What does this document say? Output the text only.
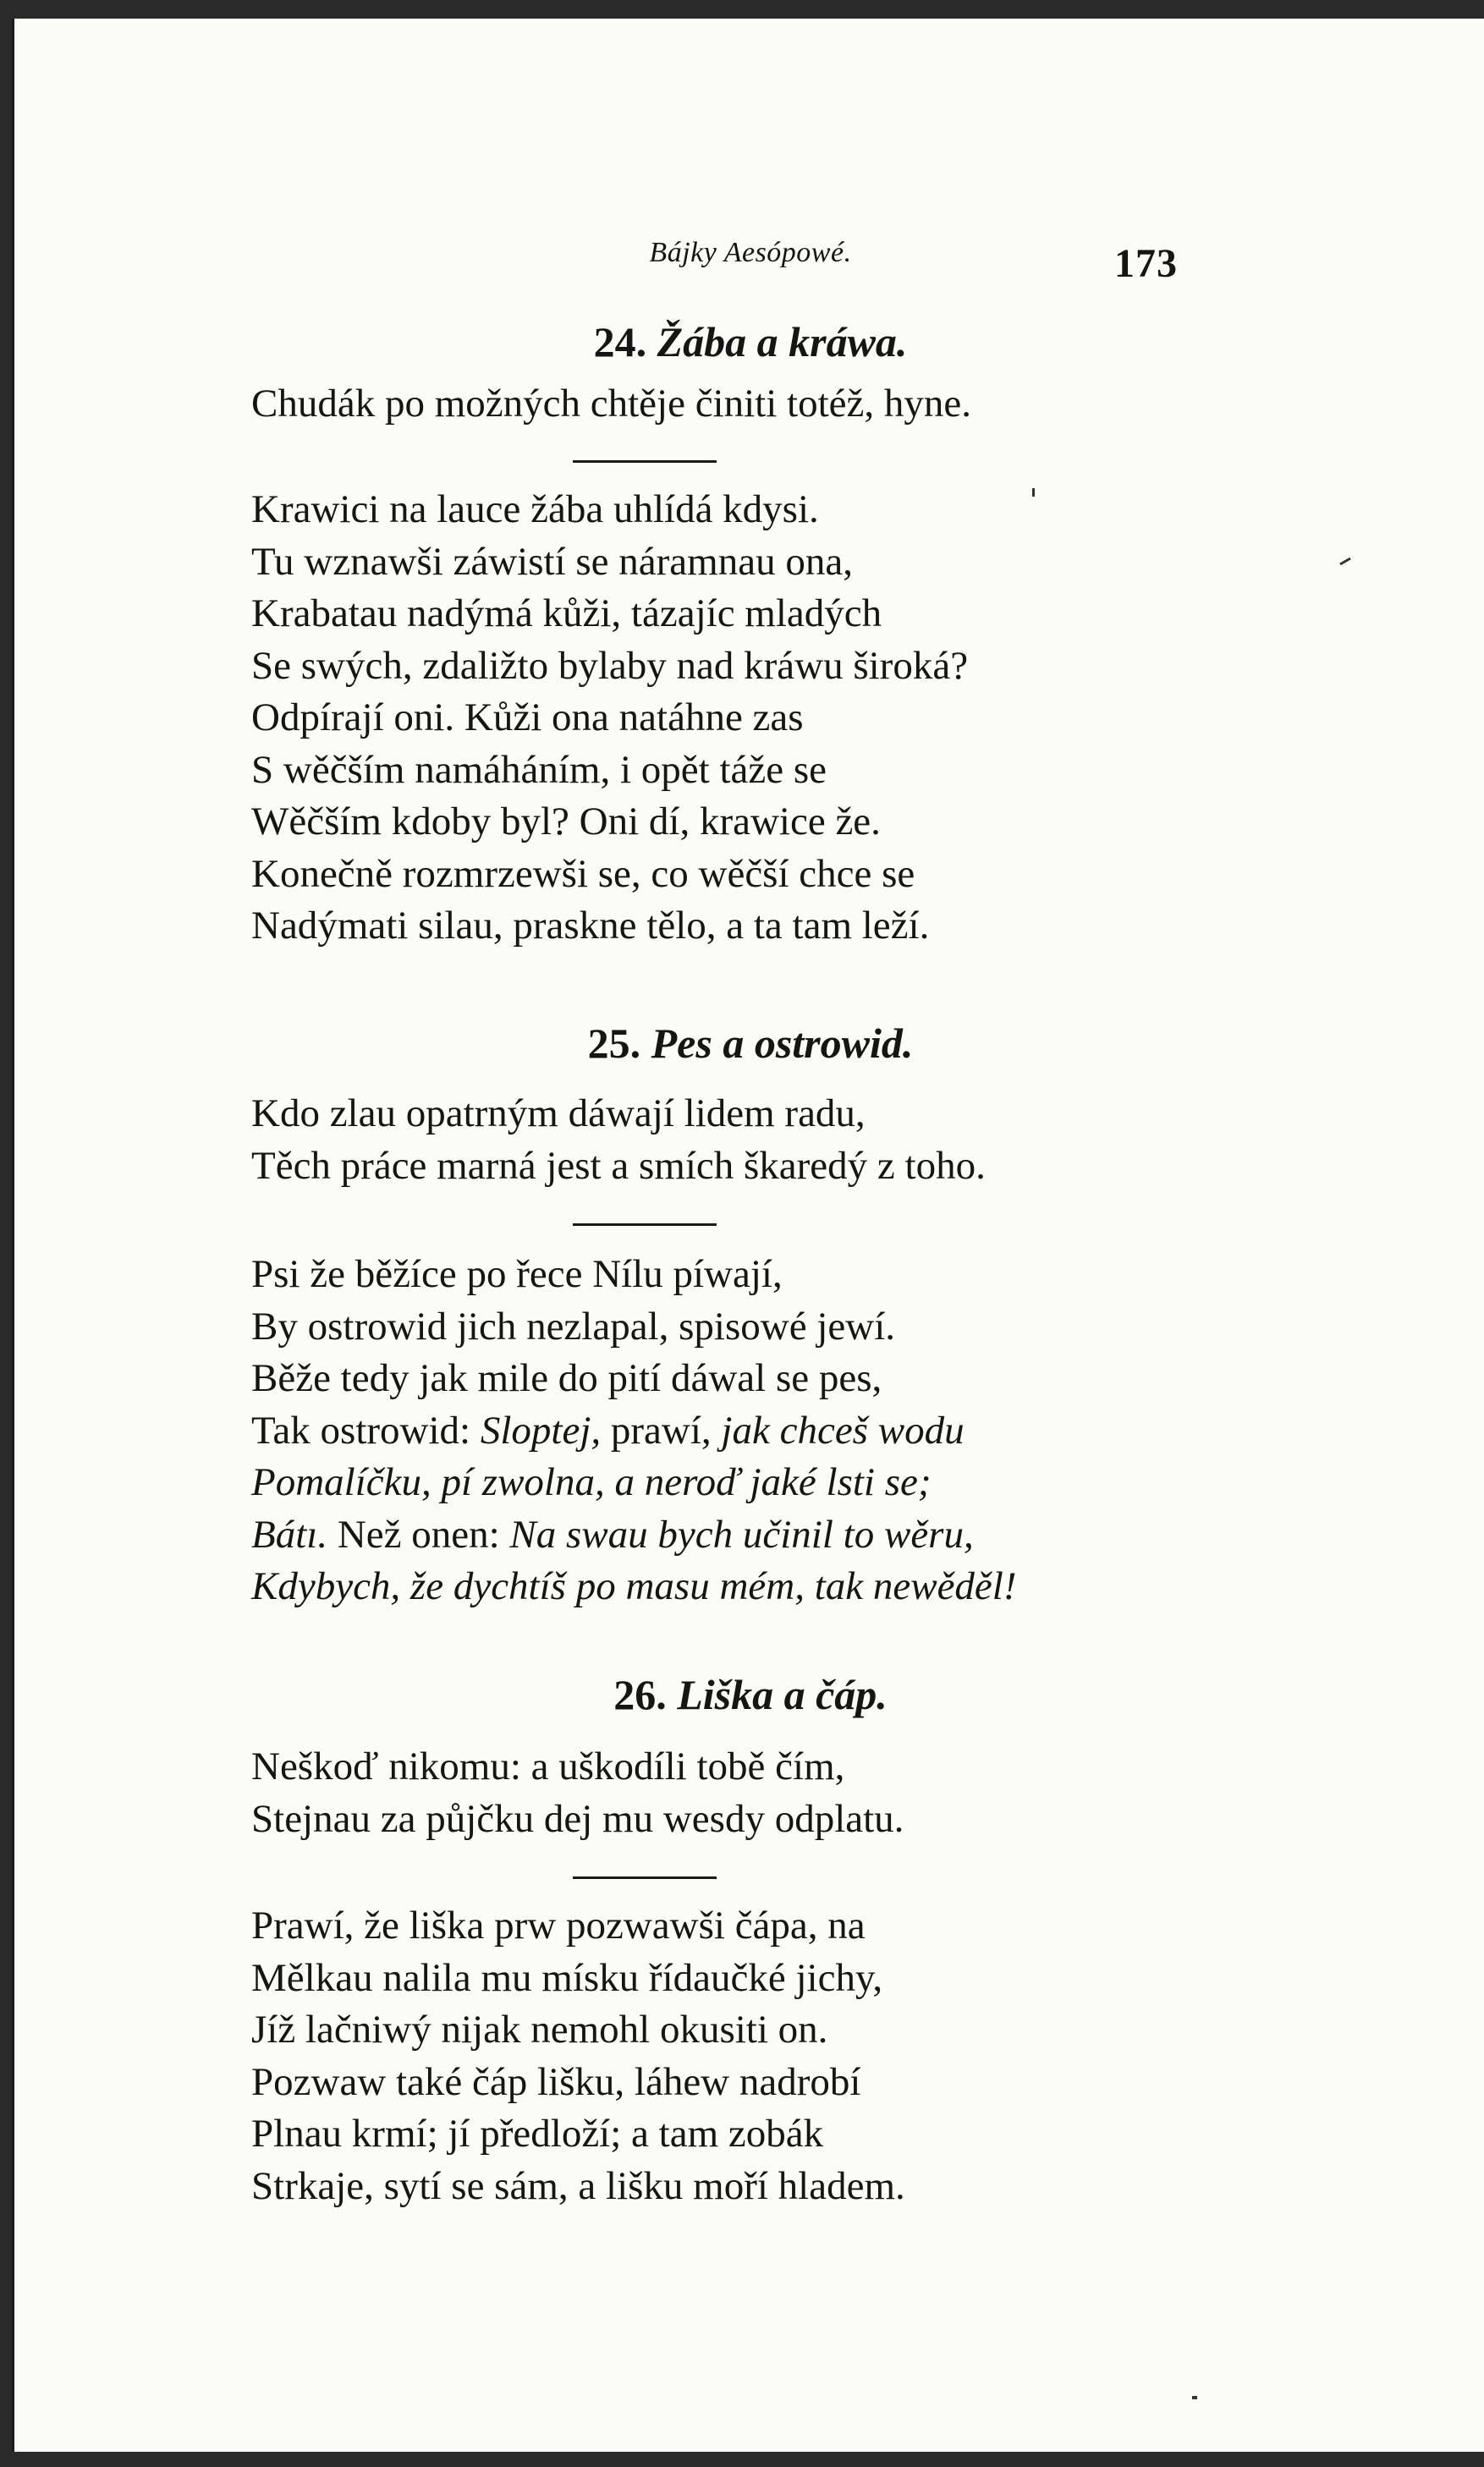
Bájky Aesópowé.	173
24. Žába a kráwa.
Chudák po možných chtěje činiti totéž, hyne.
Krawici na lauce žába uhlídá kdysi.
Tu wznawši záwistí se náramnau ona,
Krabatau nadýmá kůži, tázajíc mladých
Se swých, zdaližto bylaby nad kráwu široká?
Odpírají oni. Kůži ona natáhne zas
S wěčším namáháním, i opět táže se
Wěčším kdoby byl? Oni dí, krawice že.
Konečně rozmrzewši se, co wěčší chce se
Nadýmati silau, praskne tělo, a ta tam leží.
25. Pes a ostrowid.
Kdo zlau opatrným dáwají lidem radu,
Těch práce marná jest a smích škaredý z toho.
Psi že běžíce po řece Nílu píwají,
By ostrowid jich nezlapal, spisowé jewí.
Běže tedy jak mile do pití dáwal se pes,
Tak ostrowid: Sloptej, prawí, jak chceš wodu
Pomalíčku, pí zwolna, a neroď jaké lsti se;
Bátı. Než onen: Na swau bych učinil to wěru,
Kdybych, že dychtíš po masu mém, tak newěděl!
26. Liška a čáp.
Neškoď nikomu: a uškodíli tobě čím,
Stejnau za půjčku dej mu wesdy odplatu.
Prawí, že liška prw pozwawši čápa, na
Mělkau nalila mu mísku řídaučké jichy,
Jíž lačniwý nijak nemohl okusiti on.
Pozwaw také čáp lišku, láhew nadrobí
Plnau krmí; jí předloží; a tam zobák
Strkaje, sytí se sám, a lišku moří hladem.
